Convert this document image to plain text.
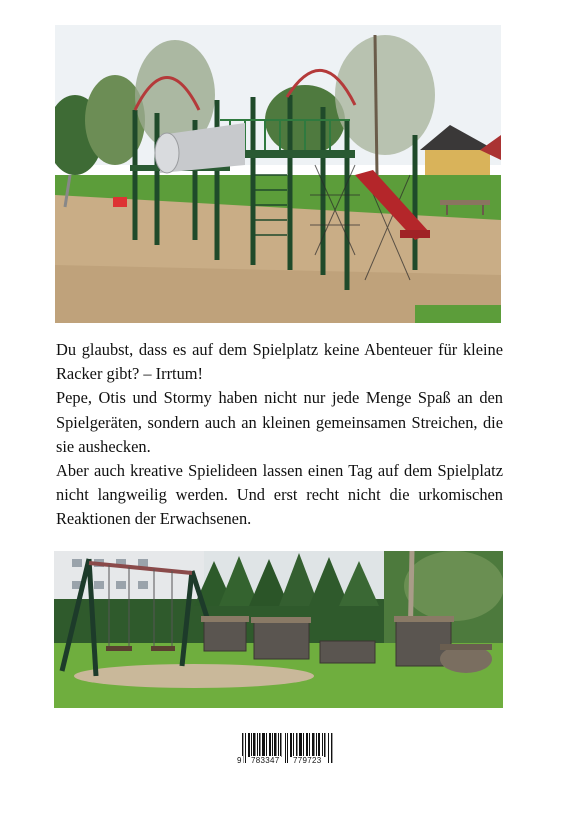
Du glaubst, dass es auf dem Spielplatz keine Abenteuer für kleine Racker gibt? – Irrtum!

Pepe, Otis und Stormy haben nicht nur jede Menge Spaß an den Spielgeräten, sondern auch an kleinen gemeinsamen Streichen, die sie aushecken.

Aber auch kreative Spielideen lassen einen Tag auf dem Spielplatz nicht langweilig werden. Und erst recht nicht die urkomischen Reaktionen der Erwachsenen.

9 783347 779723
